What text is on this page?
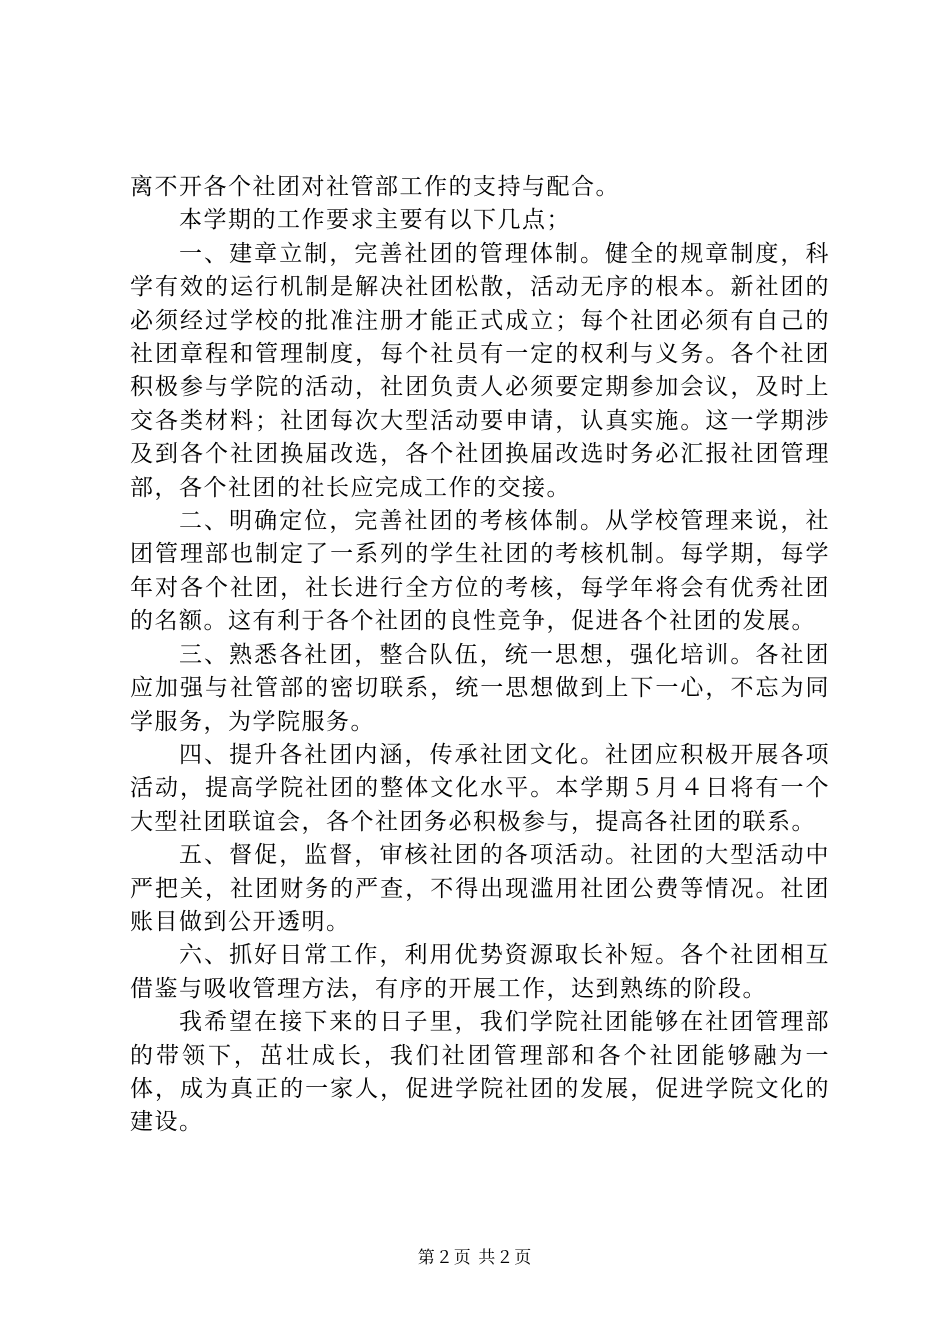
离不开各个社团对社管部工作的支持与配合。

本学期的工作要求主要有以下几点；

一、建章立制，完善社团的管理体制。健全的规章制度，科学有效的运行机制是解决社团松散，活动无序的根本。新社团的必须经过学校的批准注册才能正式成立；每个社团必须有自己的社团章程和管理制度，每个社员有一定的权利与义务。各个社团积极参与学院的活动，社团负责人必须要定期参加会议，及时上交各类材料；社团每次大型活动要申请，认真实施。这一学期涉及到各个社团换届改选，各个社团换届改选时务必汇报社团管理部，各个社团的社长应完成工作的交接。

二、明确定位，完善社团的考核体制。从学校管理来说，社团管理部也制定了一系列的学生社团的考核机制。每学期，每学年对各个社团，社长进行全方位的考核，每学年将会有优秀社团的名额。这有利于各个社团的良性竞争，促进各个社团的发展。

三、熟悉各社团，整合队伍，统一思想，强化培训。各社团应加强与社管部的密切联系，统一思想做到上下一心，不忘为同学服务，为学院服务。

四、提升各社团内涵，传承社团文化。社团应积极开展各项活动，提高学院社团的整体文化水平。本学期５月４日将有一个大型社团联谊会，各个社团务必积极参与，提高各社团的联系。

五、督促，监督，审核社团的各项活动。社团的大型活动中严把关，社团财务的严查，不得出现滥用社团公费等情况。社团账目做到公开透明。

六、抓好日常工作，利用优势资源取长补短。各个社团相互借鉴与吸收管理方法，有序的开展工作，达到熟练的阶段。

我希望在接下来的日子里，我们学院社团能够在社团管理部的带领下，茁壮成长，我们社团管理部和各个社团能够融为一体，成为真正的一家人，促进学院社团的发展，促进学院文化的建设。

第２页 共２页
